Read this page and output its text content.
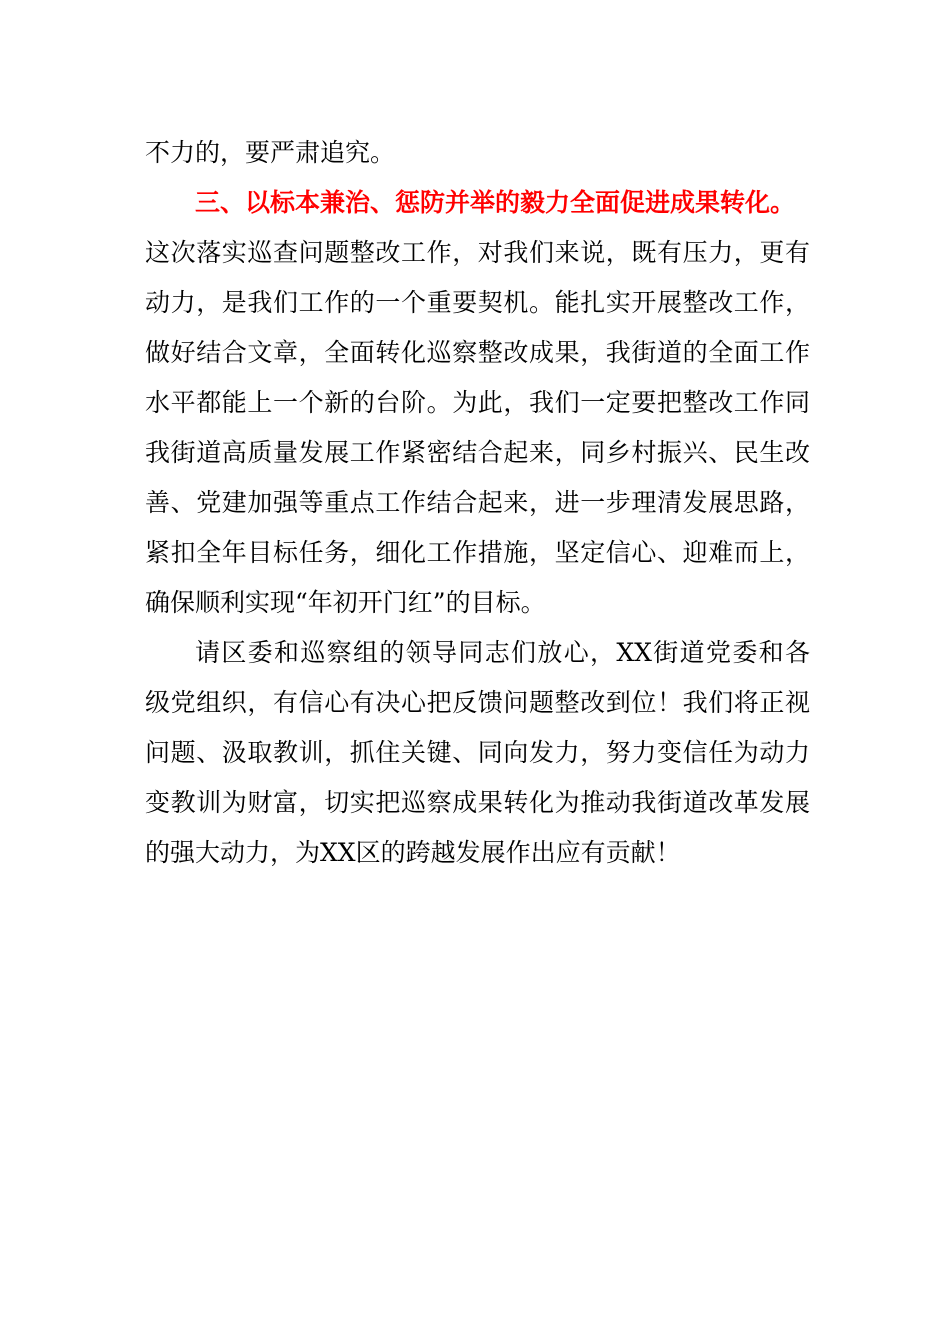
不力的，要严肃追究。
三、以标本兼治、惩防并举的毅力全面促进成果转化。
这次落实巡查问题整改工作，对我们来说，既有压力，更有
动力，是我们工作的一个重要契机。能扎实开展整改工作，
做好结合文章，全面转化巡察整改成果，我街道的全面工作
水平都能上一个新的台阶。为此，我们一定要把整改工作同
我街道高质量发展工作紧密结合起来，同乡村振兴、民生改
善、党建加强等重点工作结合起来，进一步理清发展思路，
紧扣全年目标任务，细化工作措施，坚定信心、迎难而上，
确保顺利实现“年初开门红”的目标。
请区委和巡察组的领导同志们放心，XX街道党委和各
级党组织，有信心有决心把反馈问题整改到位！我们将正视
问题、汲取教训，抓住关键、同向发力，努力变信任为动力
变教训为财富，切实把巡察成果转化为推动我街道改革发展
的强大动力，为XX区的跨越发展作出应有贡献！
